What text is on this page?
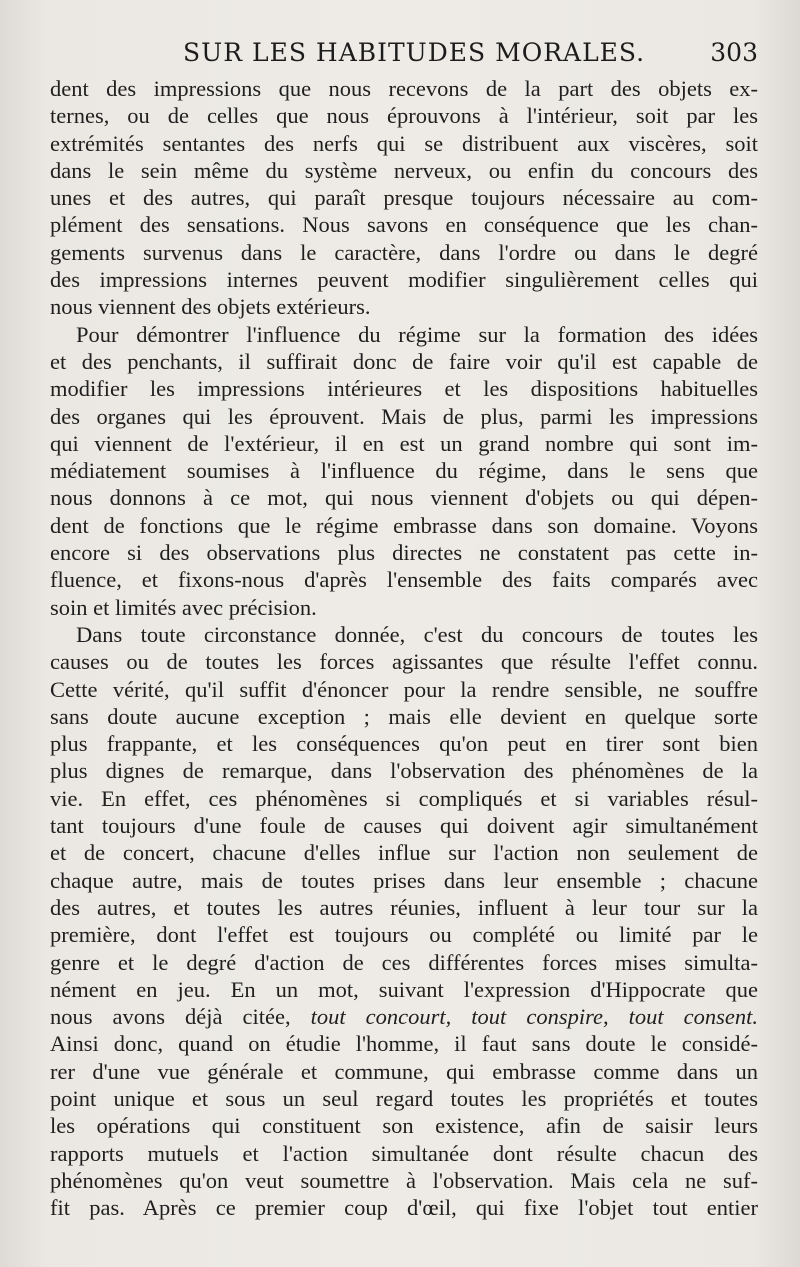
SUR LES HABITUDES MORALES.	303
dent des impressions que nous recevons de la part des objets ex-
ternes, ou de celles que nous éprouvons à l'intérieur, soit par les
extrémités sentantes des nerfs qui se distribuent aux viscères, soit
dans le sein même du système nerveux, ou enfin du concours des
unes et des autres, qui paraît presque toujours nécessaire au com-
plément des sensations. Nous savons en conséquence que les chan-
gements survenus dans le caractère, dans l'ordre ou dans le degré
des impressions internes peuvent modifier singulièrement celles qui
nous viennent des objets extérieurs.
Pour démontrer l'influence du régime sur la formation des idées
et des penchants, il suffirait donc de faire voir qu'il est capable de
modifier les impressions intérieures et les dispositions habituelles
des organes qui les éprouvent. Mais de plus, parmi les impressions
qui viennent de l'extérieur, il en est un grand nombre qui sont im-
médiatement soumises à l'influence du régime, dans le sens que
nous donnons à ce mot, qui nous viennent d'objets ou qui dépen-
dent de fonctions que le régime embrasse dans son domaine. Voyons
encore si des observations plus directes ne constatent pas cette in-
fluence, et fixons-nous d'après l'ensemble des faits comparés avec
soin et limités avec précision.
Dans toute circonstance donnée, c'est du concours de toutes les
causes ou de toutes les forces agissantes que résulte l'effet connu.
Cette vérité, qu'il suffit d'énoncer pour la rendre sensible, ne souffre
sans doute aucune exception ; mais elle devient en quelque sorte
plus frappante, et les conséquences qu'on peut en tirer sont bien
plus dignes de remarque, dans l'observation des phénomènes de la
vie. En effet, ces phénomènes si compliqués et si variables résul-
tant toujours d'une foule de causes qui doivent agir simultanément
et de concert, chacune d'elles influe sur l'action non seulement de
chaque autre, mais de toutes prises dans leur ensemble ; chacune
des autres, et toutes les autres réunies, influent à leur tour sur la
première, dont l'effet est toujours ou complété ou limité par le
genre et le degré d'action de ces différentes forces mises simulta-
nément en jeu. En un mot, suivant l'expression d'Hippocrate que
nous avons déjà citée, tout concourt, tout conspire, tout consent.
Ainsi donc, quand on étudie l'homme, il faut sans doute le considé-
rer d'une vue générale et commune, qui embrasse comme dans un
point unique et sous un seul regard toutes les propriétés et toutes
les opérations qui constituent son existence, afin de saisir leurs
rapports mutuels et l'action simultanée dont résulte chacun des
phénomènes qu'on veut soumettre à l'observation. Mais cela ne suf-
fit pas. Après ce premier coup d'œil, qui fixe l'objet tout entier
